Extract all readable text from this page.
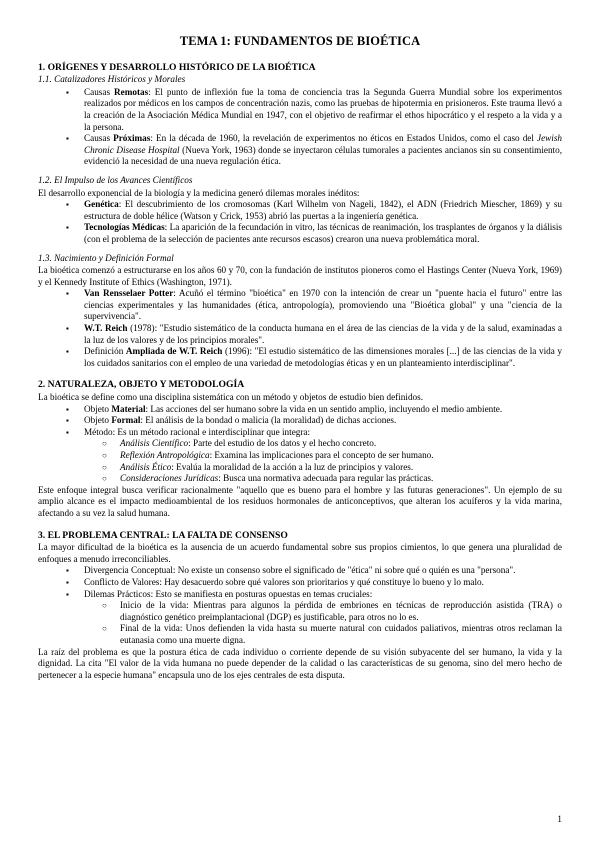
TEMA 1: FUNDAMENTOS DE BIOÉTICA
1. ORÍGENES Y DESARROLLO HISTÓRICO DE LA BIOÉTICA
1.1. Catalizadores Históricos y Morales
▪ Causas Remotas: El punto de inflexión fue la toma de conciencia tras la Segunda Guerra Mundial sobre los experimentos realizados por médicos en los campos de concentración nazis, como las pruebas de hipotermia en prisioneros. Este trauma llevó a la creación de la Asociación Médica Mundial en 1947, con el objetivo de reafirmar el ethos hipocrático y el respeto a la vida y a la persona.
▪ Causas Próximas: En la década de 1960, la revelación de experimentos no éticos en Estados Unidos, como el caso del Jewish Chronic Disease Hospital (Nueva York, 1963) donde se inyectaron células tumorales a pacientes ancianos sin su consentimiento, evidenció la necesidad de una nueva regulación ética.
1.2. El Impulso de los Avances Científicos

El desarrollo exponencial de la biología y la medicina generó dilemas morales inéditos:

▪ Genética: El descubrimiento de los cromosomas (Karl Wilhelm von Nageli, 1842), el ADN (Friedrich Miescher, 1869) y su estructura de doble hélice (Watson y Crick, 1953) abrió las puertas a la ingeniería genética.
▪ Tecnologías Médicas: La aparición de la fecundación in vitro, las técnicas de reanimación, los trasplantes de órganos y la diálisis (con el problema de la selección de pacientes ante recursos escasos) crearon una nueva problemática moral.
1.3. Nacimiento y Definición Formal

La bioética comenzó a estructurarse en los años 60 y 70, con la fundación de institutos pioneros como el Hastings Center (Nueva York, 1969) y el Kennedy Institute of Ethics (Washington, 1971).

▪ Van Rensselaer Potter: Acuñó el término "bioética" en 1970 con la intención de crear un "puente hacia el futuro" entre las ciencias experimentales y las humanidades (ética, antropología), promoviendo una "Bioética global" y una "ciencia de la supervivencia".
▪ W.T. Reich (1978): "Estudio sistemático de la conducta humana en el área de las ciencias de la vida y de la salud, examinadas a la luz de los valores y de los principios morales".
▪ Definición Ampliada de W.T. Reich (1996): "El estudio sistemático de las dimensiones morales [...] de las ciencias de la vida y los cuidados sanitarios con el empleo de una variedad de metodologías éticas y en un planteamiento interdisciplinar".
2. NATURALEZA, OBJETO Y METODOLOGÍA

La bioética se define como una disciplina sistemática con un método y objetos de estudio bien definidos.

▪ Objeto Material: Las acciones del ser humano sobre la vida en un sentido amplio, incluyendo el medio ambiente.
▪ Objeto Formal: El análisis de la bondad o malicia (la moralidad) de dichas acciones.
▪ Método: Es un método racional e interdisciplinar que integra:
○ Análisis Científico: Parte del estudio de los datos y el hecho concreto.
○ Reflexión Antropológica: Examina las implicaciones para el concepto de ser humano.
○ Análisis Ético: Evalúa la moralidad de la acción a la luz de principios y valores.
○ Consideraciones Jurídicas: Busca una normativa adecuada para regular las prácticas.

Este enfoque integral busca verificar racionalmente "aquello que es bueno para el hombre y las futuras generaciones". Un ejemplo de su amplio alcance es el impacto medioambiental de los residuos hormonales de anticonceptivos, que alteran los acuíferos y la vida marina, afectando a su vez la salud humana.

3. EL PROBLEMA CENTRAL: LA FALTA DE CONSENSO

La mayor dificultad de la bioética es la ausencia de un acuerdo fundamental sobre sus propios cimientos, lo que genera una pluralidad de enfoques a menudo irreconciliables.

▪ Divergencia Conceptual: No existe un consenso sobre el significado de "ética" ni sobre qué o quién es una "persona".
▪ Conflicto de Valores: Hay desacuerdo sobre qué valores son prioritarios y qué constituye lo bueno y lo malo.
▪ Dilemas Prácticos: Esto se manifiesta en posturas opuestas en temas cruciales:
○ Inicio de la vida: Mientras para algunos la pérdida de embriones en técnicas de reproducción asistida (TRA) o diagnóstico genético preimplantacional (DGP) es justificable, para otros no lo es.
○ Final de la vida: Unos defienden la vida hasta su muerte natural con cuidados paliativos, mientras otros reclaman la eutanasia como una muerte digna.

La raíz del problema es que la postura ética de cada individuo o corriente depende de su visión subyacente del ser humano, la vida y la dignidad. La cita "El valor de la vida humana no puede depender de la calidad o las características de su genoma, sino del mero hecho de pertenecer a la especie humana" encapsula uno de los ejes centrales de esta disputa.

1
